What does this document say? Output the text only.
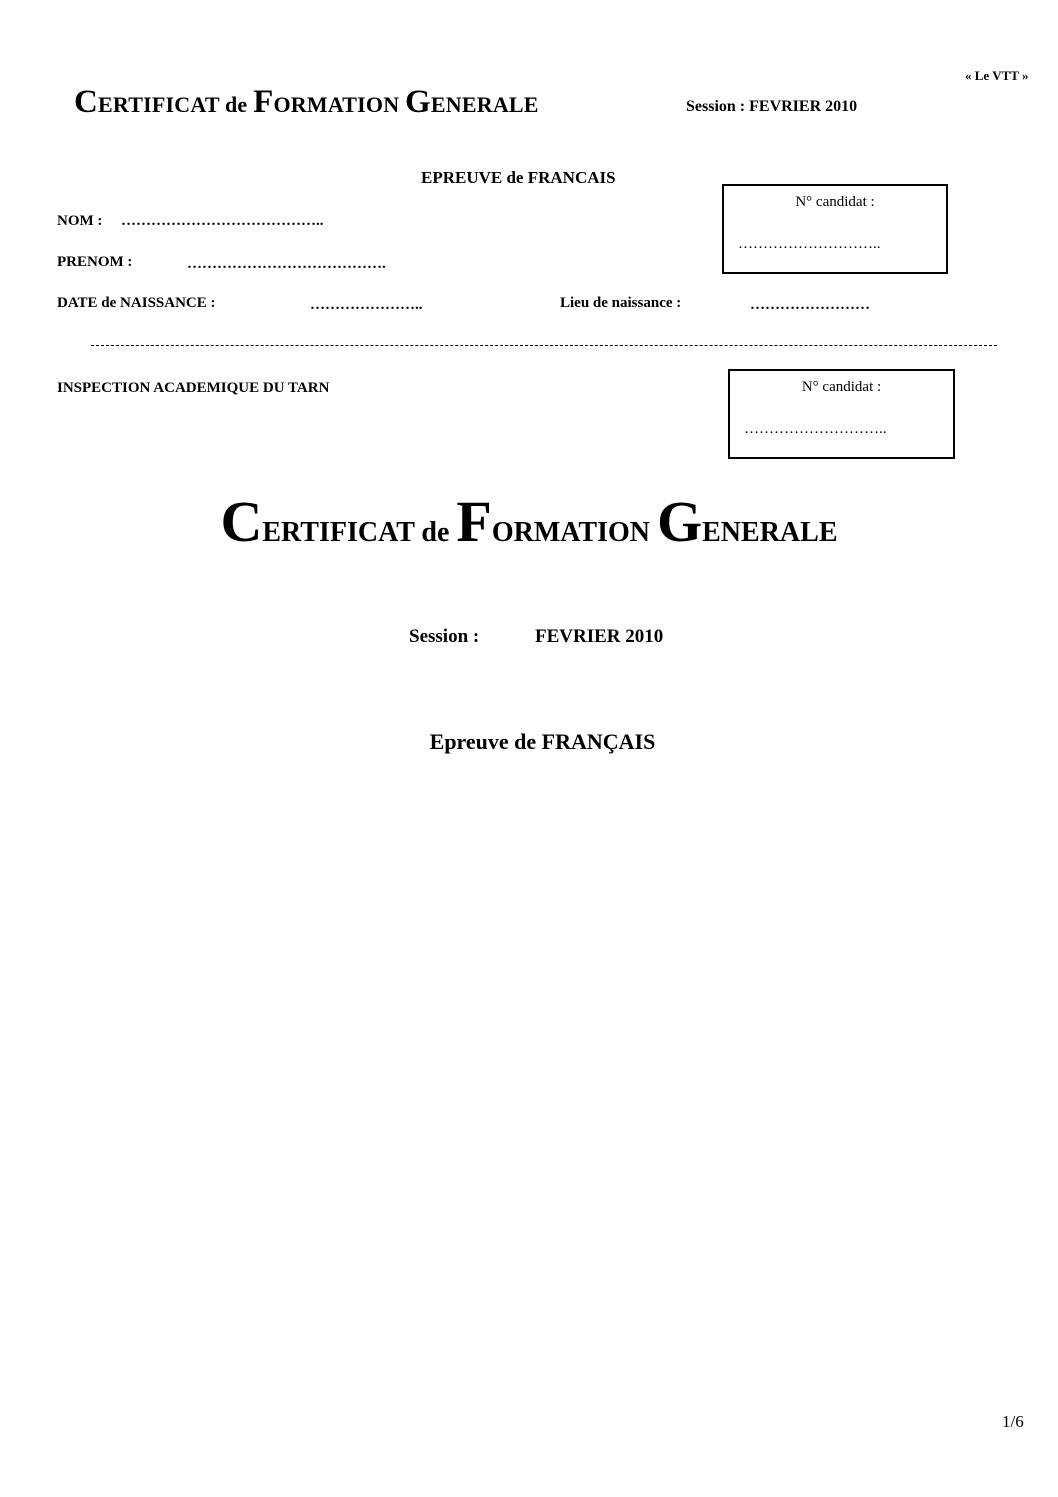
« Le VTT »
CERTIFICAT de FORMATION GENERALE	Session : FEVRIER 2010
EPREUVE de FRANCAIS
N° candidat :
………………………..
NOM : …………………………………..
PRENOM :	………………………………….
DATE de NAISSANCE :	…………………..	Lieu de naissance :	……………………
INSPECTION ACADEMIQUE DU TARN	N° candidat :
………………………..
CERTIFICAT de FORMATION GENERALE
Session :	FEVRIER 2010
Epreuve de FRANÇAIS
1/6
